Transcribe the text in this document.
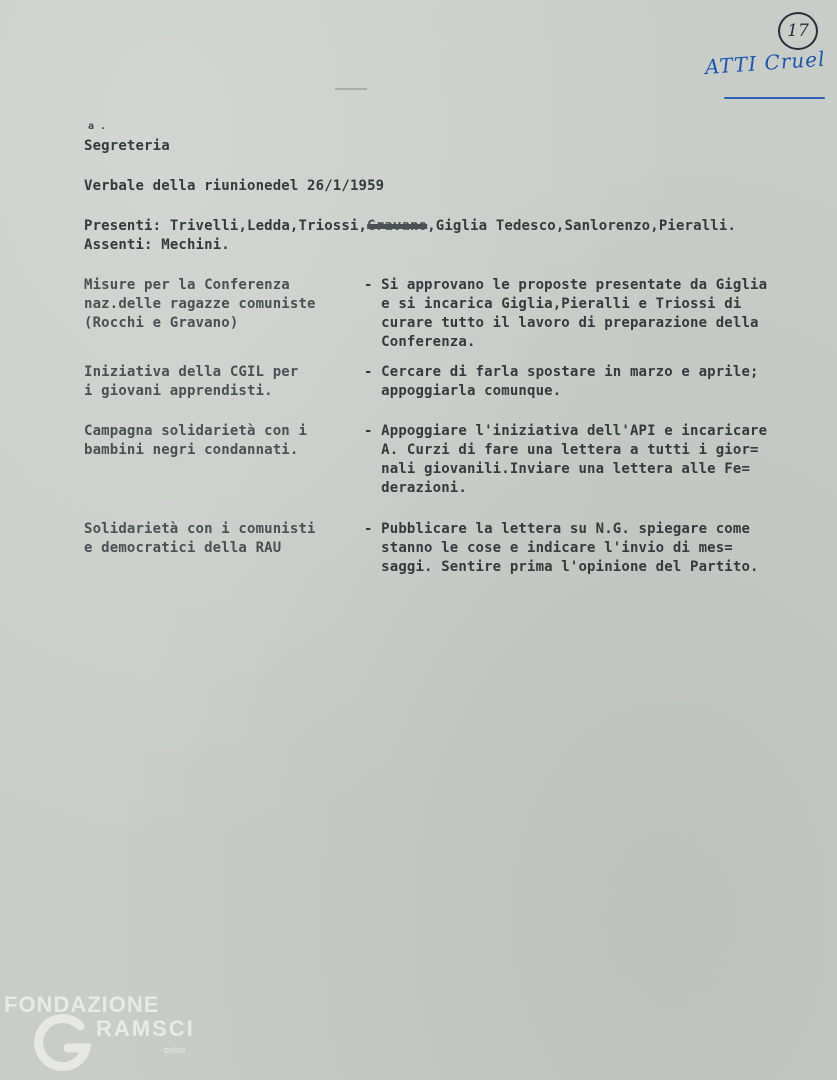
17
ATTI Cruel
a .
Segreteria
Verbale della riunionedel 26/1/1959
Presenti: Trivelli,Ledda,Triossi,Gravano,Giglia Tedesco,Sanlorenzo,Pieralli.
Assenti: Mechini.
Misure per la Conferenza
naz.delle ragazze comuniste
(Rocchi e Gravano)
- Si approvano le proposte presentate da Giglia
e si incarica Giglia,Pieralli e Triossi di
curare tutto il lavoro di preparazione della
Conferenza.
Iniziativa della CGIL per
i giovani apprendisti.
- Cercare di farla spostare in marzo e aprile;
appoggiarla comunque.
Campagna solidarietà con i
bambini negri condannati.
- Appoggiare l'iniziativa dell'API e incaricare
A. Curzi di fare una lettera a tutti i gior=
nali giovanili.Inviare una lettera alle Fe=
derazioni.
Solidarietà con i comunisti
e democratici della RAU
- Pubblicare la lettera su N.G. spiegare come
stanno le cose e indicare l'invio di mes=
saggi. Sentire prima l'opinione del Partito.
FONDAZIONE
RAMSCI
onlus
